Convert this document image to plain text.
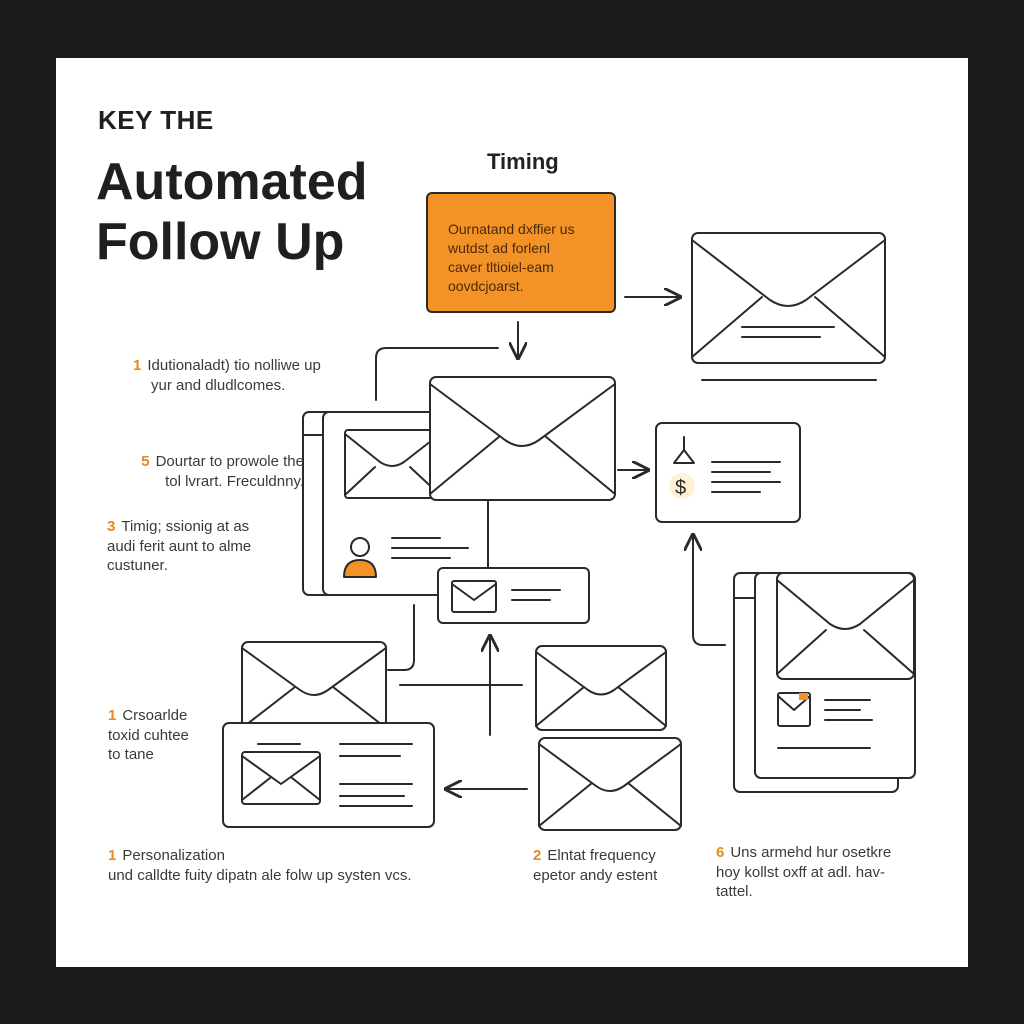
$
KEY THE
Automated
Follow Up
Timing
Ournatand dxffier us
wutdst ad forlenl
caver tltioiel-eam
oovdcjoarst.
1 Idutionaladt) tio nolliwe up
yur and dludlcomes.
5 Dourtar to prowole the
tol lvrart. Freculdnny.
3 Timig; ssionig at as
audi ferit aunt to alme
custuner.
1 Crsoarlde
toxid cuhtee
to tane
1 Personalization
und calldte fuity dipatn ale folw up systen vcs.
2 Elntat frequency
epetor andy estent
6 Uns armehd hur osetkre
hoy kollst oxff at adl. hav-
tattel.
